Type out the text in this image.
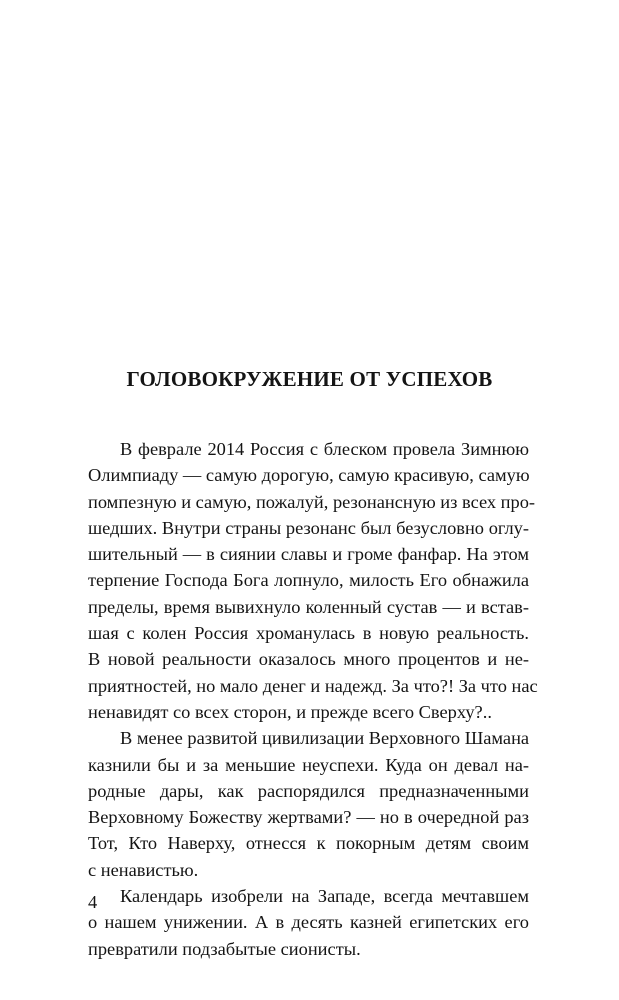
ГОЛОВОКРУЖЕНИЕ ОТ УСПЕХОВ

В феврале 2014 Россия с блеском провела Зимнюю
Олимпиаду — самую дорогую, самую красивую, самую
помпезную и самую, пожалуй, резонансную из всех про-
шедших. Внутри страны резонанс был безусловно оглу-
шительный — в сиянии славы и громе фанфар. На этом
терпение Господа Бога лопнуло, милость Его обнажила
пределы, время вывихнуло коленный сустав — и встав-
шая с колен Россия хроманулась в новую реальность.
В новой реальности оказалось много процентов и не-
приятностей, но мало денег и надежд. За что?! За что нас
ненавидят со всех сторон, и прежде всего Сверху?..

В менее развитой цивилизации Верховного Шамана
казнили бы и за меньшие неуспехи. Куда он девал на-
родные дары, как распорядился предназначенными
Верховному Божеству жертвами? — но в очередной раз
Тот, Кто Наверху, отнесся к покорным детям своим
с ненавистью.

Календарь изобрели на Западе, всегда мечтавшем
о нашем унижении. А в десять казней египетских его
превратили подзабытые сионисты.

4
